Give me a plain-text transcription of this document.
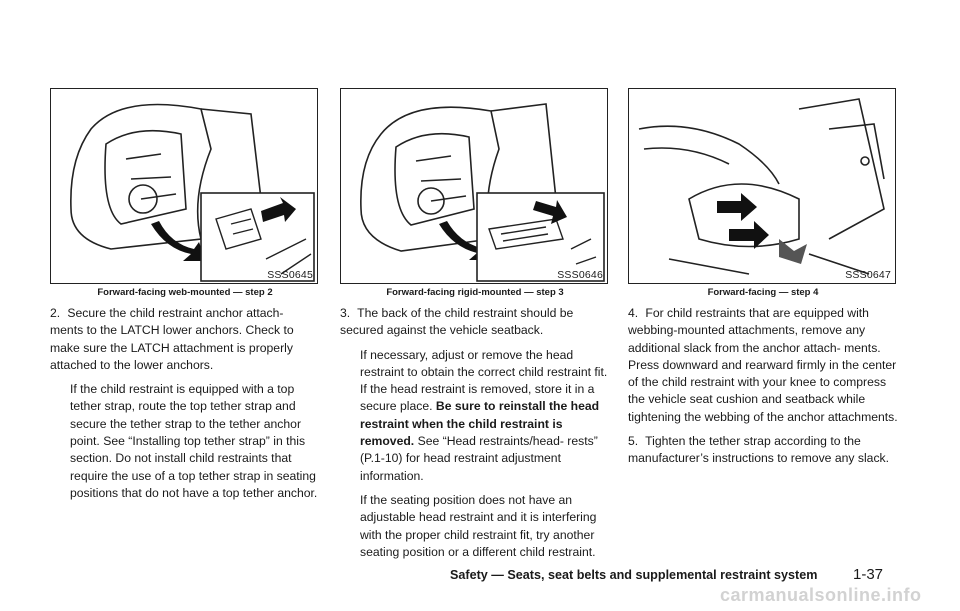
SSS0645
Forward-facing web-mounted — step 2
2. Secure the child restraint anchor attach- ments to the LATCH lower anchors. Check to make sure the LATCH attachment is properly attached to the lower anchors.
If the child restraint is equipped with a top tether strap, route the top tether strap and secure the tether strap to the tether anchor point. See “Installing top tether strap” in this section. Do not install child restraints that require the use of a top tether strap in seating positions that do not have a top tether anchor.
SSS0646
Forward-facing rigid-mounted — step 3
3. The back of the child restraint should be secured against the vehicle seatback.
If necessary, adjust or remove the head restraint to obtain the correct child restraint fit. If the head restraint is removed, store it in a secure place. Be sure to reinstall the head restraint when the child restraint is removed. See “Head restraints/head- rests” (P.1-10) for head restraint adjustment information.
If the seating position does not have an adjustable head restraint and it is interfering with the proper child restraint fit, try another seating position or a different child restraint.
SSS0647
Forward-facing — step 4
4. For child restraints that are equipped with webbing-mounted attachments, remove any additional slack from the anchor attach- ments. Press downward and rearward firmly in the center of the child restraint with your knee to compress the vehicle seat cushion and seatback while tightening the webbing of the anchor attachments.
5. Tighten the tether strap according to the manufacturer’s instructions to remove any slack.
Safety — Seats, seat belts and supplemental restraint system 1-37
carmanualsonline.info
